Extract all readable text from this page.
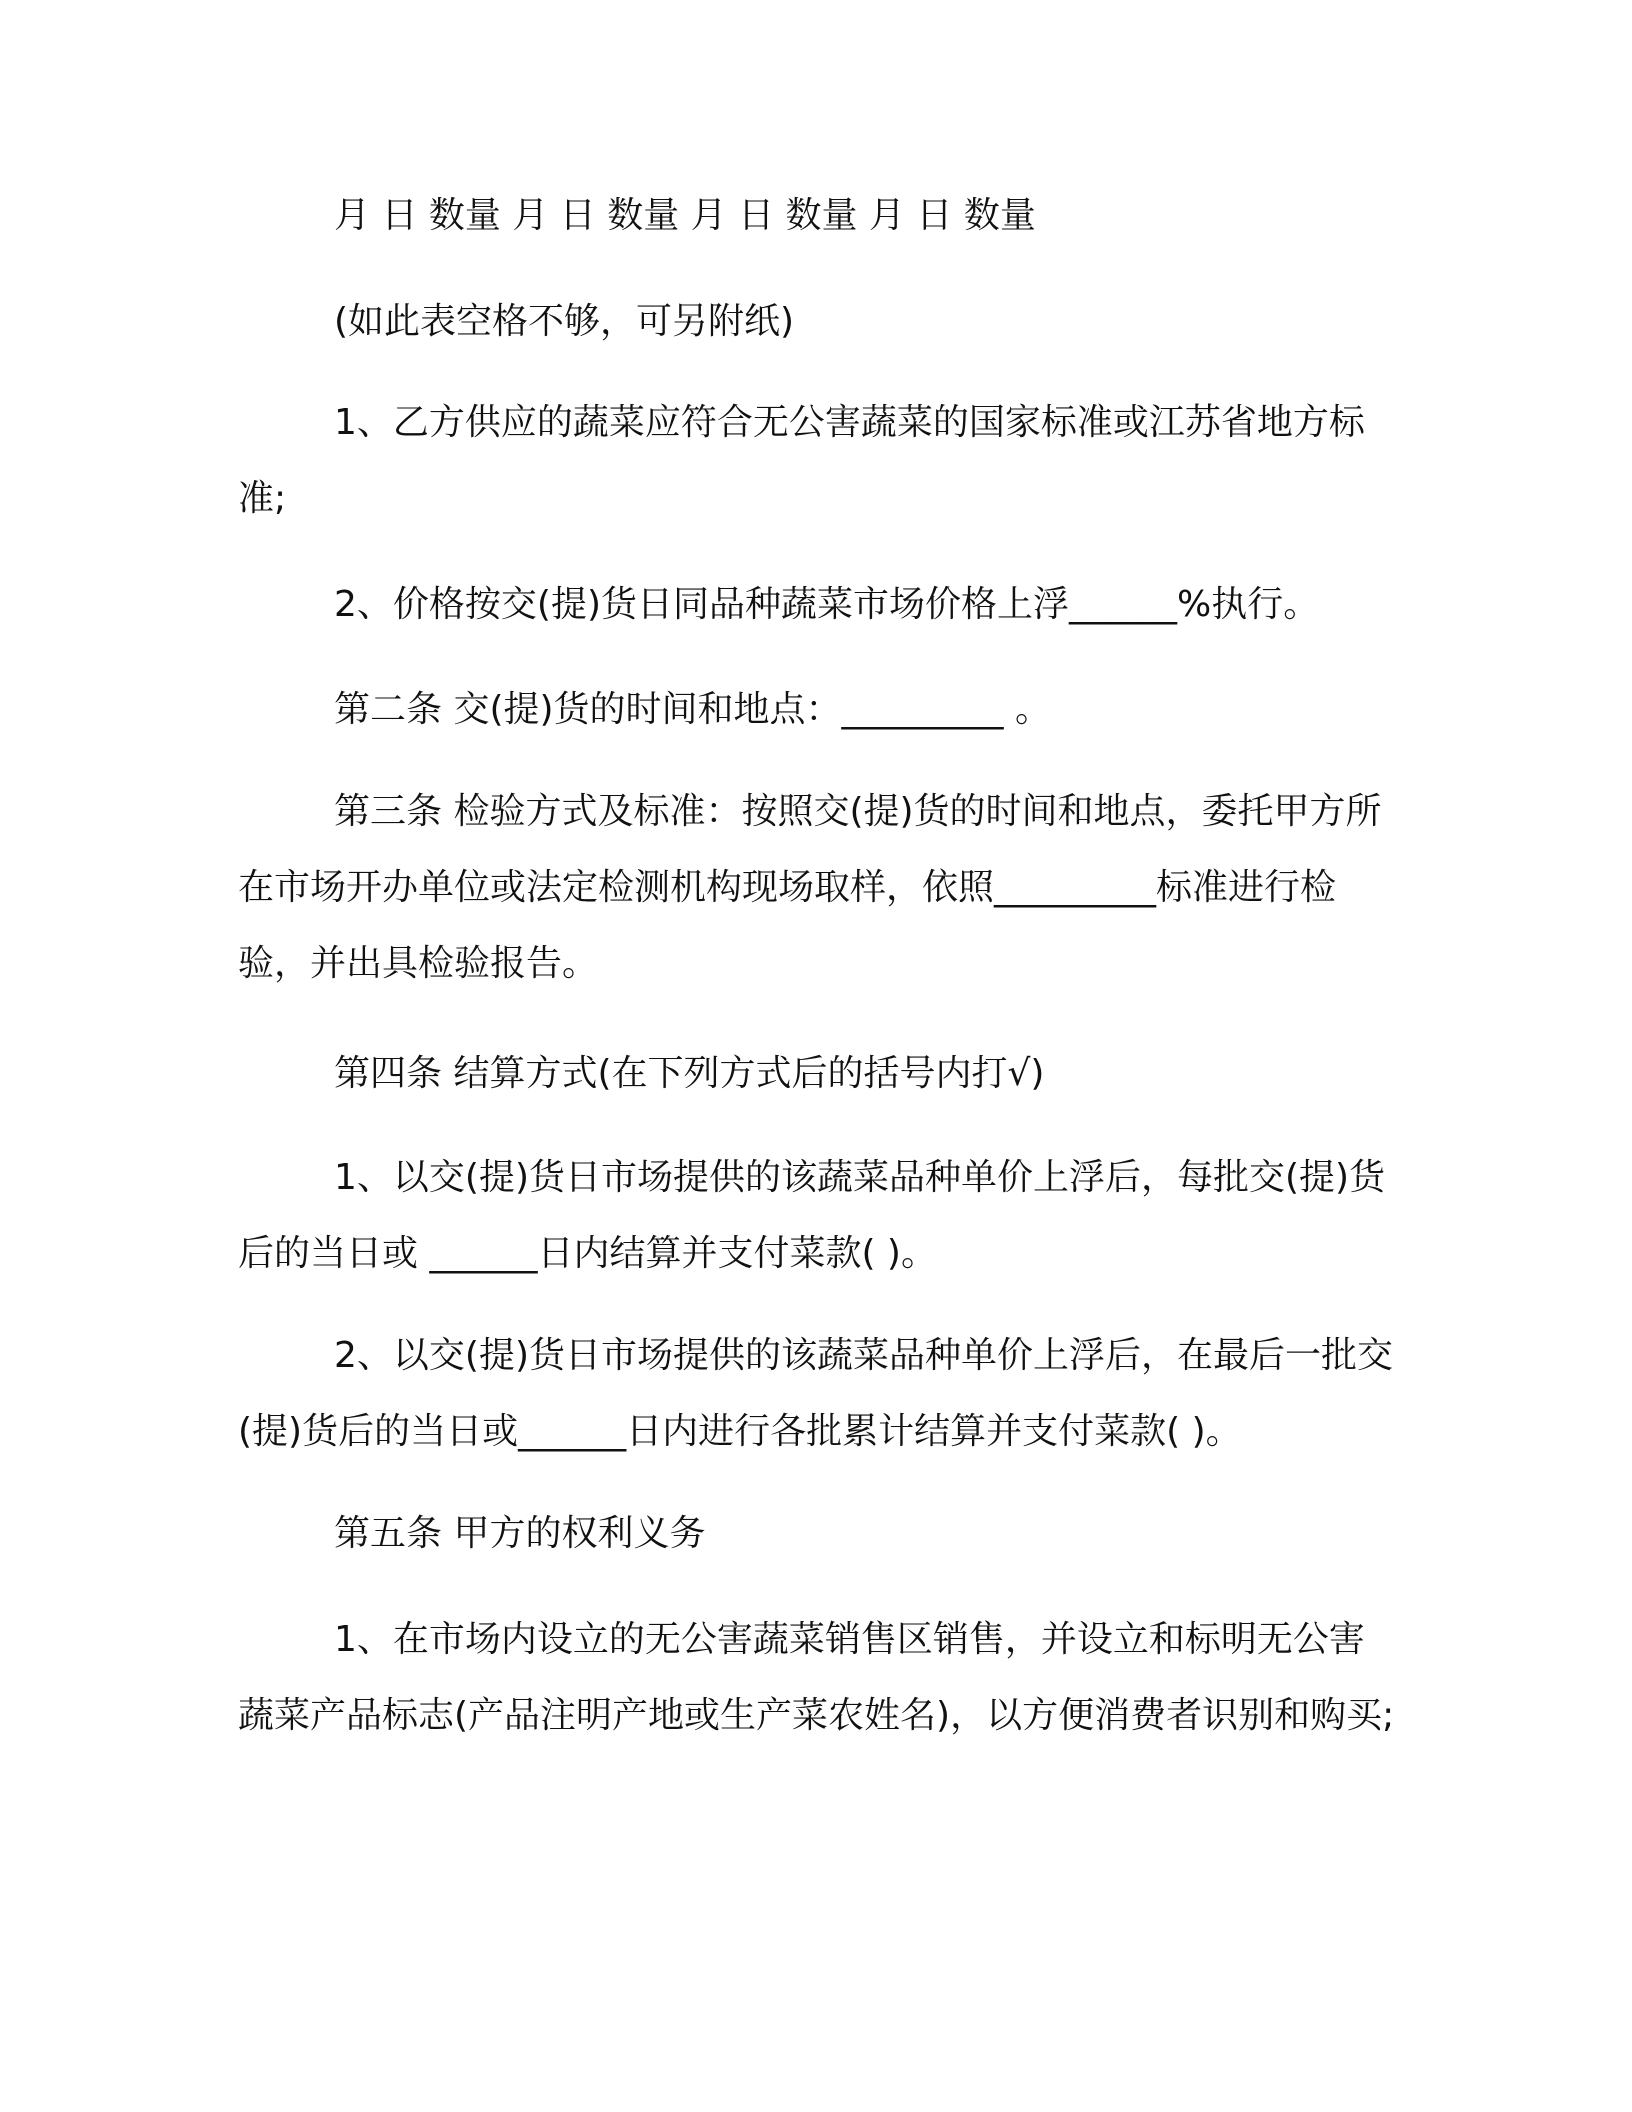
月 日 数量 月 日 数量 月 日 数量 月 日 数量

(如此表空格不够，可另附纸)

1、乙方供应的蔬菜应符合无公害蔬菜的国家标准或江苏省地方标准;

2、价格按交(提)货日同品种蔬菜市场价格上浮______%执行。

第二条 交(提)货的时间和地点：_________ 。

第三条 检验方式及标准：按照交(提)货的时间和地点，委托甲方所在市场开办单位或法定检测机构现场取样，依照_________标准进行检验，并出具检验报告。

第四条 结算方式(在下列方式后的括号内打√)

1、以交(提)货日市场提供的该蔬菜品种单价上浮后，每批交(提)货后的当日或 ______日内结算并支付菜款( )。

2、以交(提)货日市场提供的该蔬菜品种单价上浮后，在最后一批交(提)货后的当日或______日内进行各批累计结算并支付菜款( )。

第五条 甲方的权利义务

1、在市场内设立的无公害蔬菜销售区销售，并设立和标明无公害蔬菜产品标志(产品注明产地或生产菜农姓名)，以方便消费者识别和购买;
